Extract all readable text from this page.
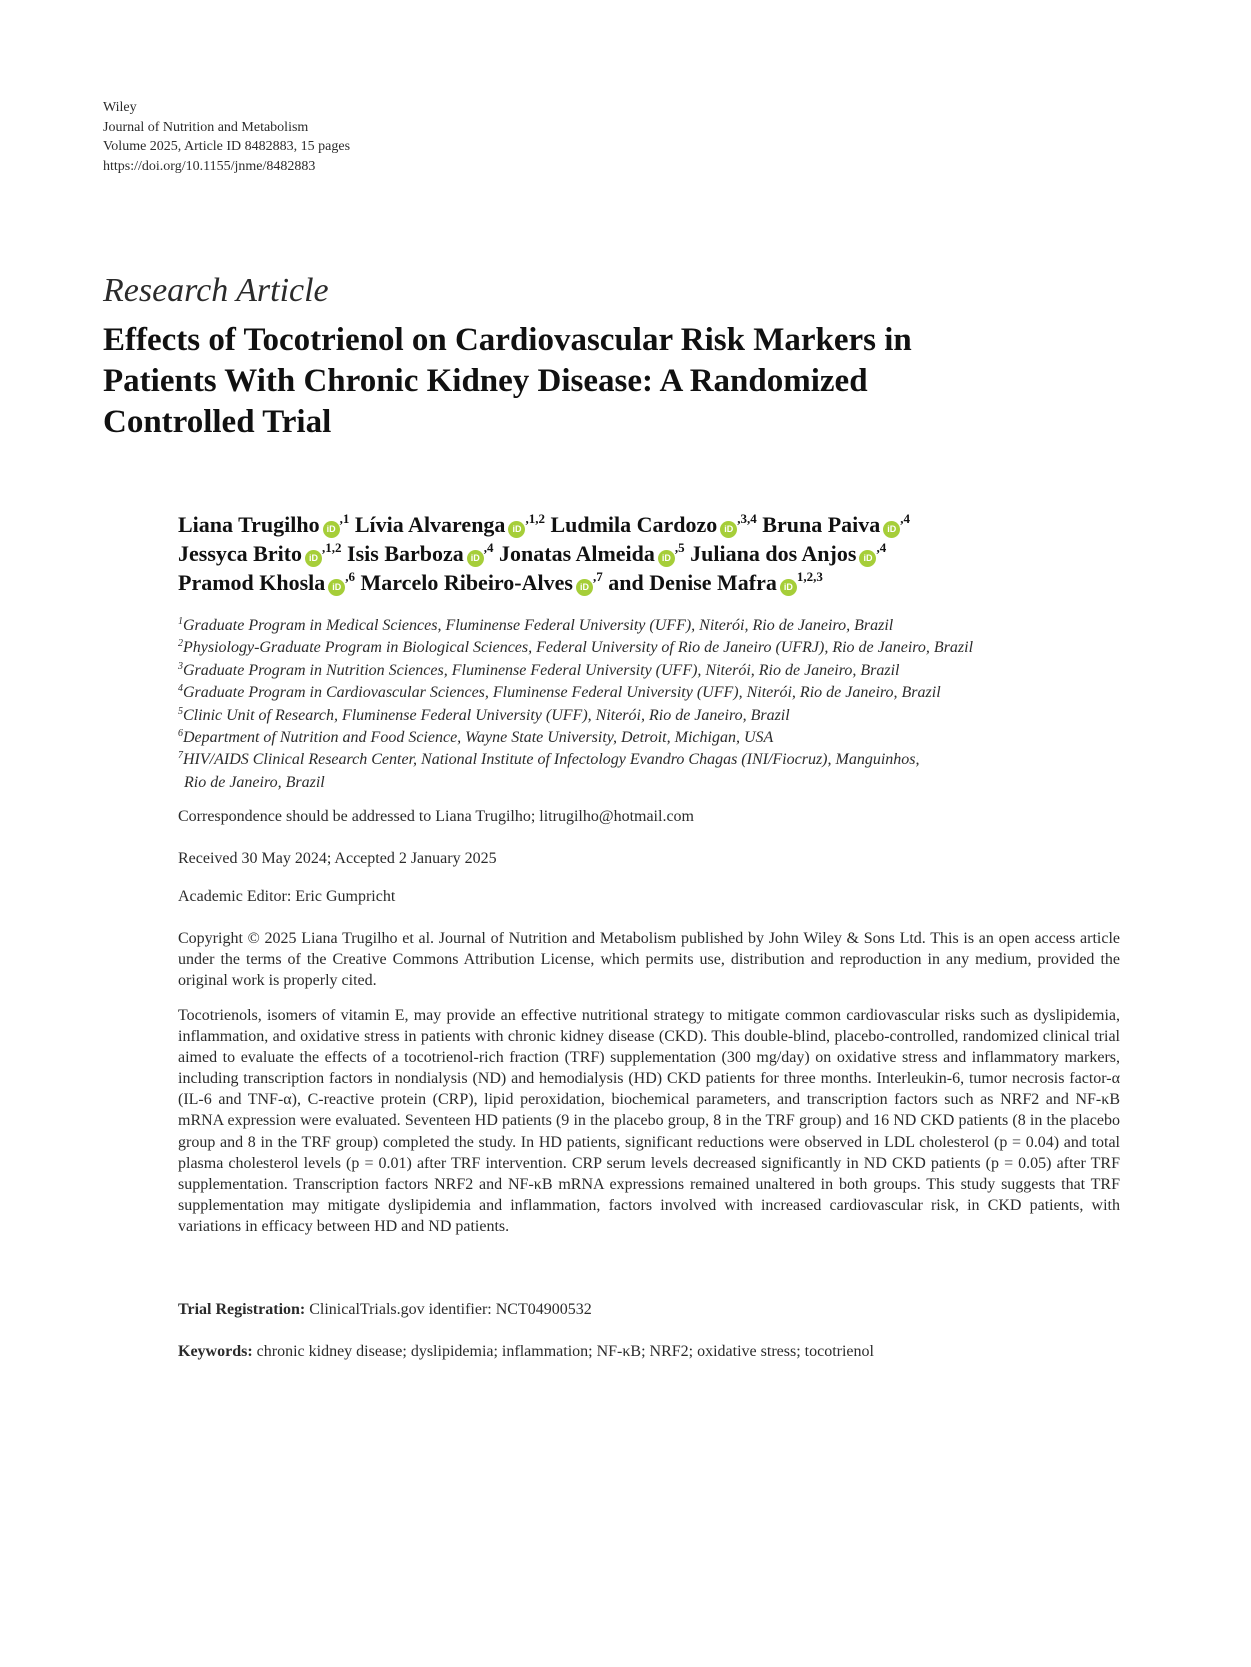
Wiley
Journal of Nutrition and Metabolism
Volume 2025, Article ID 8482883, 15 pages
https://doi.org/10.1155/jnme/8482883
Research Article
Effects of Tocotrienol on Cardiovascular Risk Markers in
Patients With Chronic Kidney Disease: A Randomized
Controlled Trial
Liana Trugilho $iD^{,1}$ Lívia Alvarenga $iD^{,1,2}$ Ludmila Cardozo $iD^{,3,4}$ Bruna Paiva $iD^{,4}$
Jessyca Brito $iD^{,1,2}$ Isis Barboza $iD^{,4}$ Jonatas Almeida $iD^{,5}$ Juliana dos Anjos $iD^{,4}$
Pramod Khosla $iD^{,6}$ Marcelo Ribeiro-Alves $iD^{,7}$ and Denise Mafra iD$^{1,2,3}$
$^1$Graduate Program in Medical Sciences, Fluminense Federal University (UFF), Niterói, Rio de Janeiro, Brazil
$^2$Physiology-Graduate Program in Biological Sciences, Federal University of Rio de Janeiro (UFRJ), Rio de Janeiro, Brazil
$^3$Graduate Program in Nutrition Sciences, Fluminense Federal University (UFF), Niterói, Rio de Janeiro, Brazil
$^4$Graduate Program in Cardiovascular Sciences, Fluminense Federal University (UFF), Niterói, Rio de Janeiro, Brazil
$^5$Clinic Unit of Research, Fluminense Federal University (UFF), Niterói, Rio de Janeiro, Brazil
$^6$Department of Nutrition and Food Science, Wayne State University, Detroit, Michigan, USA
$^7$HIV/AIDS Clinical Research Center, National Institute of Infectology Evandro Chagas (INI/Fiocruz), Manguinhos,
Rio de Janeiro, Brazil
Correspondence should be addressed to Liana Trugilho; litrugilho@hotmail.com
Received 30 May 2024; Accepted 2 January 2025
Academic Editor: Eric Gumpricht
Copyright © 2025 Liana Trugilho et al. Journal of Nutrition and Metabolism published by John Wiley & Sons Ltd. This is an open access article under the terms of the Creative Commons Attribution License, which permits use, distribution and reproduction in any medium, provided the original work is properly cited.
Tocotrienols, isomers of vitamin E, may provide an effective nutritional strategy to mitigate common cardiovascular risks such as dyslipidemia, inflammation, and oxidative stress in patients with chronic kidney disease (CKD). This double-blind, placebo-controlled, randomized clinical trial aimed to evaluate the effects of a tocotrienol-rich fraction (TRF) supplementation (300 mg/day) on oxidative stress and inflammatory markers, including transcription factors in nondialysis (ND) and hemodialysis (HD) CKD patients for three months. Interleukin-6, tumor necrosis factor-α (IL-6 and TNF-α), C-reactive protein (CRP), lipid peroxidation, biochemical parameters, and transcription factors such as NRF2 and NF-κB mRNA expression were evaluated. Seventeen HD patients (9 in the placebo group, 8 in the TRF group) and 16 ND CKD patients (8 in the placebo group and 8 in the TRF group) completed the study. In HD patients, significant reductions were observed in LDL cholesterol (p = 0.04) and total plasma cholesterol levels (p = 0.01) after TRF intervention. CRP serum levels decreased significantly in ND CKD patients (p = 0.05) after TRF supplementation. Transcription factors NRF2 and NF-κB mRNA expressions remained unaltered in both groups. This study suggests that TRF supplementation may mitigate dyslipidemia and inflammation, factors involved with increased cardiovascular risk, in CKD patients, with variations in efficacy between HD and ND patients.
Trial Registration: ClinicalTrials.gov identifier: NCT04900532
Keywords: chronic kidney disease; dyslipidemia; inflammation; NF-κB; NRF2; oxidative stress; tocotrienol
